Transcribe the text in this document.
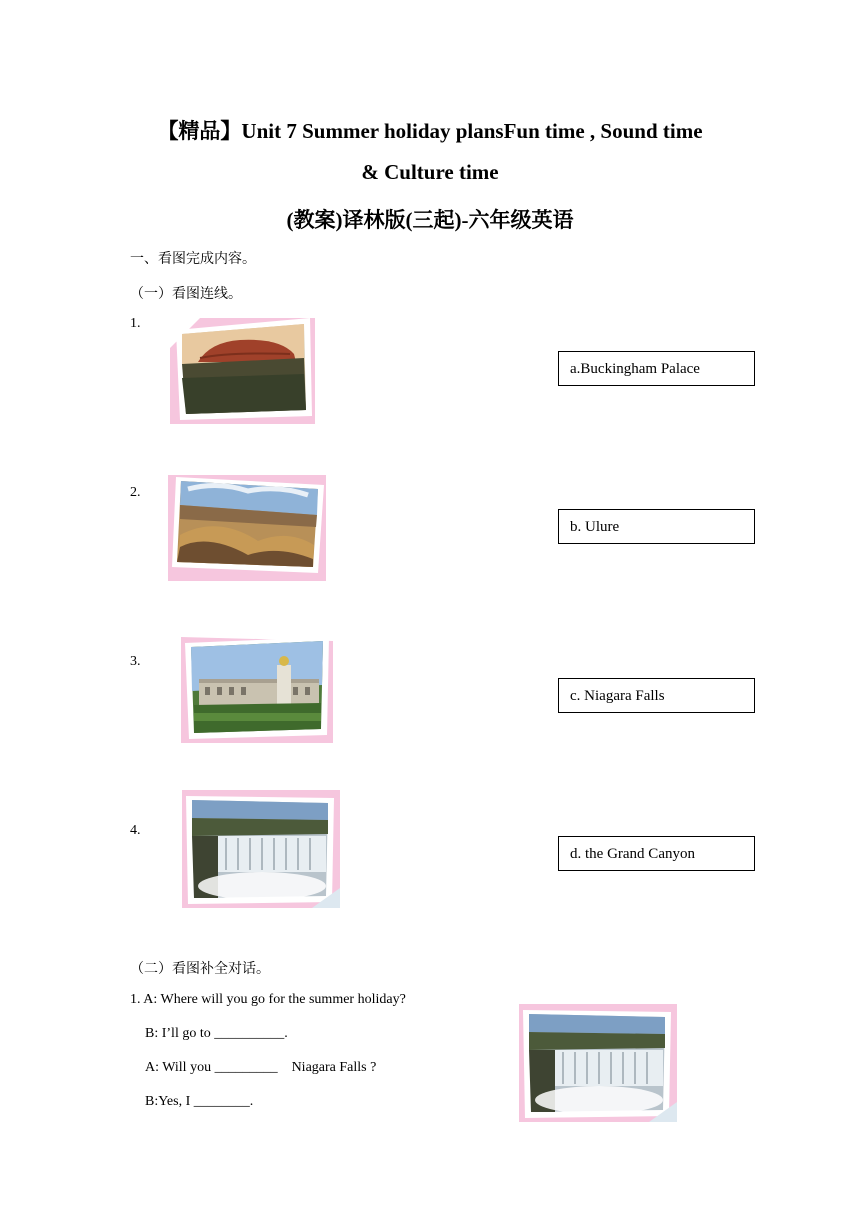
【精品】Unit 7 Summer holiday plansFun time , Sound time
& Culture time
(教案)译林版(三起)-六年级英语
一、看图完成内容。
（一）看图连线。
1.
2.
3.
4.
a.Buckingham Palace
b. Ulure
c. Niagara Falls
d. the Grand Canyon
（二）看图补全对话。
1. A: Where will you go for the summer holiday?
B: I’ll go to __________.
A: Will you _________    Niagara Falls ?
B:Yes, I ________.
